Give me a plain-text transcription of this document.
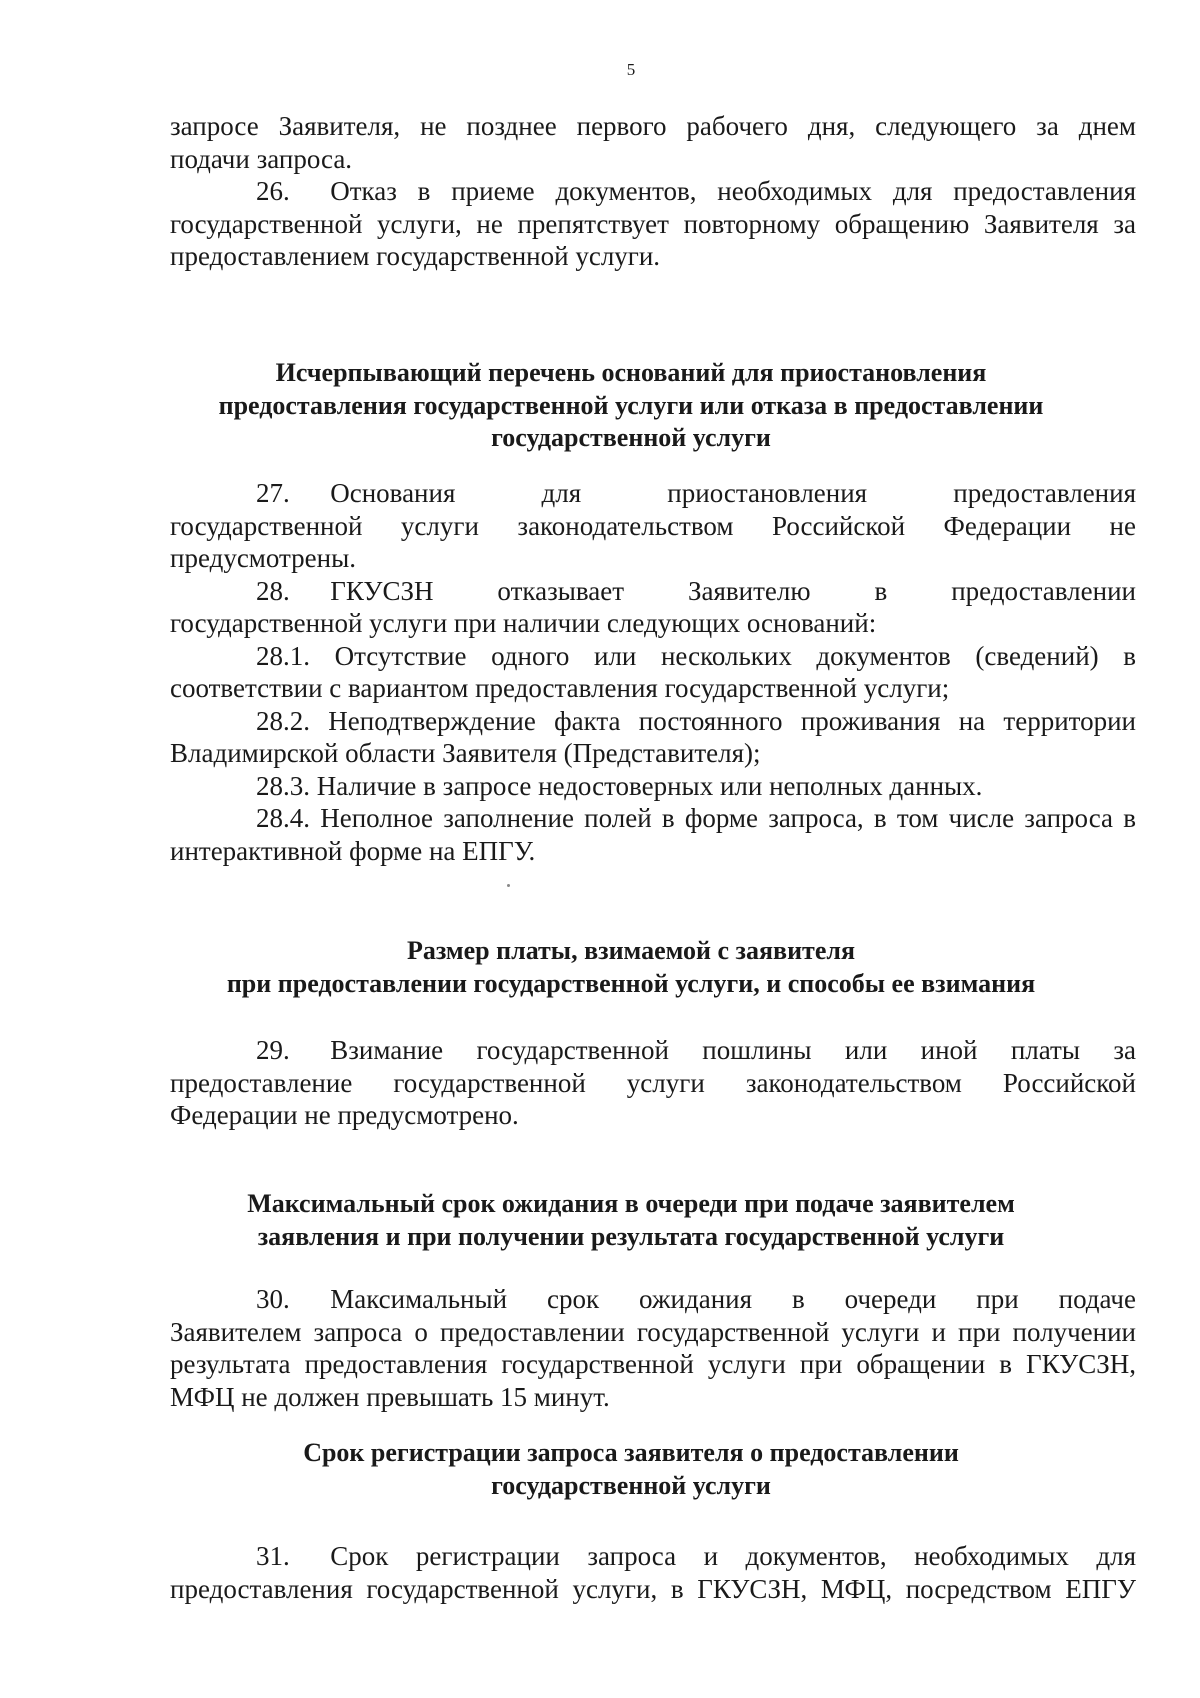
5
запросе Заявителя, не позднее первого рабочего дня, следующего за днем
подачи запроса.
26.  Отказ в приеме документов, необходимых для предоставления
государственной услуги, не препятствует повторному обращению Заявителя за
предоставлением государственной услуги.
Исчерпывающий перечень оснований для приостановления
предоставления государственной услуги или отказа в предоставлении
государственной услуги
27.  Основания для приостановления предоставления
государственной услуги законодательством Российской Федерации не
предусмотрены.
28.  ГКУСЗН отказывает Заявителю в предоставлении
государственной услуги при наличии следующих оснований:
28.1. Отсутствие одного или нескольких документов (сведений) в
соответствии с вариантом предоставления государственной услуги;
28.2. Неподтверждение факта постоянного проживания на территории
Владимирской области Заявителя (Представителя);
28.3. Наличие в запросе недостоверных или неполных данных.
28.4. Неполное заполнение полей в форме запроса, в том числе запроса в
интерактивной форме на ЕПГУ.
Размер платы, взимаемой с заявителя
при предоставлении государственной услуги, и способы ее взимания
29.  Взимание государственной пошлины или иной платы за
предоставление государственной услуги законодательством Российской
Федерации не предусмотрено.
Максимальный срок ожидания в очереди при подаче заявителем
заявления и при получении результата государственной услуги
30.  Максимальный срок ожидания в очереди при подаче
Заявителем запроса о предоставлении государственной услуги и при получении
результата предоставления государственной услуги при обращении в ГКУСЗН,
МФЦ не должен превышать 15 минут.
Срок регистрации запроса заявителя о предоставлении
государственной услуги
31.  Срок регистрации запроса и документов, необходимых для
предоставления государственной услуги, в ГКУСЗН, МФЦ, посредством ЕПГУ
